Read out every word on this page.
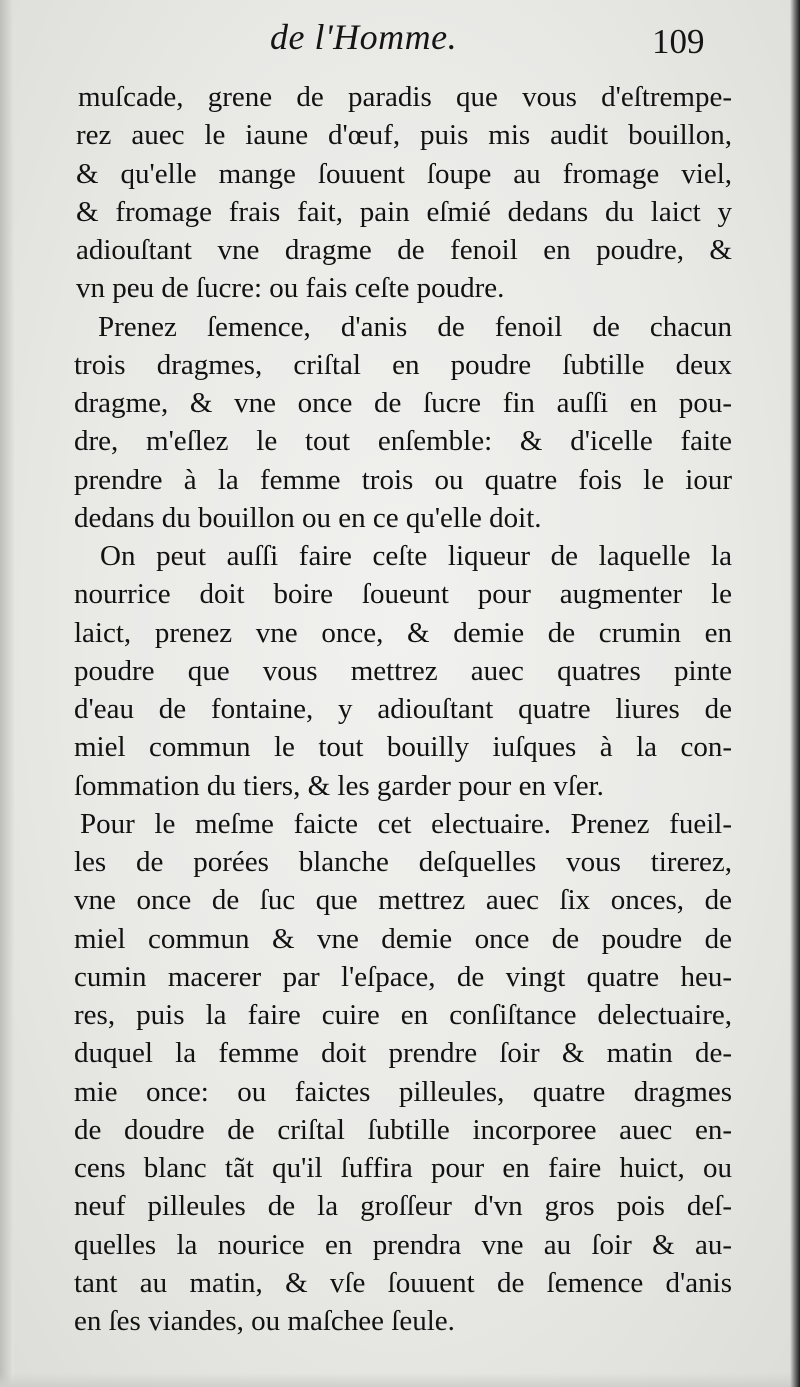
de l'Homme.	109
muſcade, grene de paradis que vous d'eſtrempe-
rez auec le iaune d'œuf, puis mis audit bouillon,
& qu'elle mange ſouuent ſoupe au fromage viel,
& fromage frais fait, pain eſmié dedans du laict y
adiouſtant vne dragme de fenoil en poudre, &
vn peu de ſucre: ou fais ceſte poudre.
Prenez ſemence, d'anis de fenoil de chacun
trois dragmes, criſtal en poudre ſubtille deux
dragme, & vne once de ſucre fin auſſi en pou-
dre, m'eſlez le tout enſemble: & d'icelle faite
prendre à la femme trois ou quatre fois le iour
dedans du bouillon ou en ce qu'elle doit.
On peut auſſi faire ceſte liqueur de laquelle la
nourrice doit boire ſoueunt pour augmenter le
laict, prenez vne once, & demie de crumin en
poudre que vous mettrez auec quatres pinte
d'eau de fontaine, y adiouſtant quatre liures de
miel commun le tout bouilly iuſques à la con-
ſommation du tiers, & les garder pour en vſer.
Pour le meſme faicte cet electuaire. Prenez fueil-
les de porées blanche deſquelles vous tirerez,
vne once de ſuc que mettrez auec ſix onces, de
miel commun & vne demie once de poudre de
cumin macerer par l'eſpace, de vingt quatre heu-
res, puis la faire cuire en conſiſtance delectuaire,
duquel la femme doit prendre ſoir & matin de-
mie once: ou faictes pilleules, quatre dragmes
de doudre de criſtal ſubtille incorporee auec en-
cens blanc tãt qu'il ſuffira pour en faire huict, ou
neuf pilleules de la groſſeur d'vn gros pois deſ-
quelles la nourice en prendra vne au ſoir & au-
tant au matin, & vſe ſouuent de ſemence d'anis
en ſes viandes, ou maſchee ſeule.
